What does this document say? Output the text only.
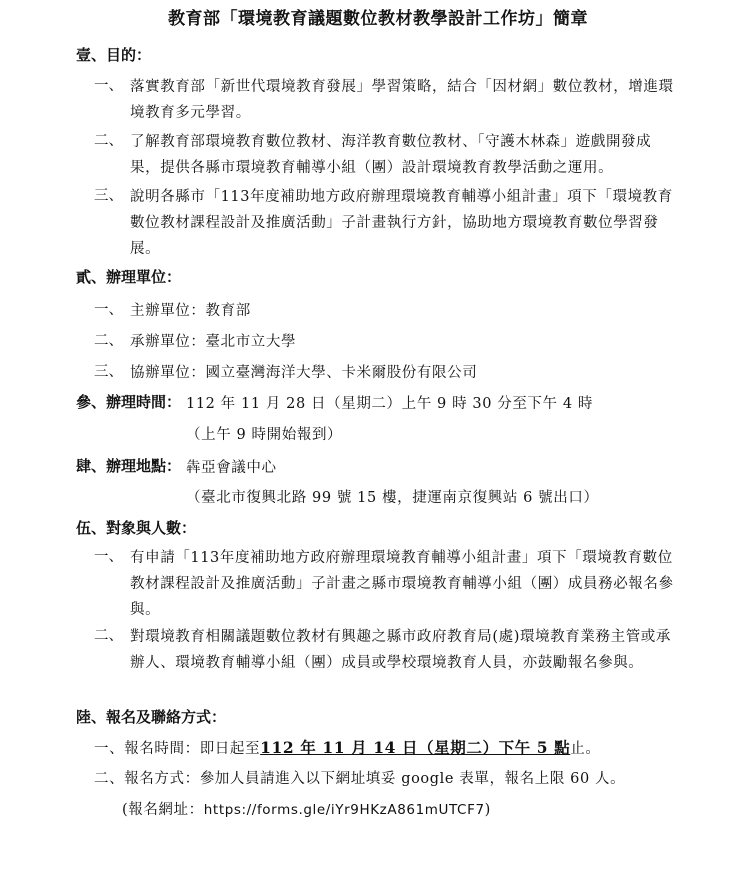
教育部「環境教育議題數位教材教學設計工作坊」簡章
壹、目的：
一、 落實教育部「新世代環境教育發展」學習策略，結合「因材網」數位教材，增進環境教育多元學習。
二、 了解教育部環境教育數位教材、海洋教育數位教材、「守護木林森」遊戲開發成果，提供各縣市環境教育輔導小組（團）設計環境教育教學活動之運用。
三、 說明各縣市「113年度補助地方政府辦理環境教育輔導小組計畫」項下「環境教育數位教材課程設計及推廣活動」子計畫執行方針，協助地方環境教育數位學習發展。
貳、辦理單位：
一、 主辦單位：教育部
二、 承辦單位：臺北市立大學
三、 協辦單位：國立臺灣海洋大學、卡米爾股份有限公司
參、辦理時間： 112 年 11 月 28 日（星期二）上午 9 時 30 分至下午 4 時
（上午 9 時開始報到）
肆、辦理地點： 犇亞會議中心
（臺北市復興北路 99 號 15 樓，捷運南京復興站 6 號出口）
伍、對象與人數：
一、 有申請「113年度補助地方政府辦理環境教育輔導小組計畫」項下「環境教育數位教材課程設計及推廣活動」子計畫之縣市環境教育輔導小組（團）成員務必報名參與。
二、 對環境教育相關議題數位教材有興趣之縣市政府教育局(處)環境教育業務主管或承辦人、環境教育輔導小組（團）成員或學校環境教育人員，亦鼓勵報名參與。
陸、報名及聯絡方式：
一、報名時間：即日起至112 年 11 月 14 日（星期二）下午 5 點止。
二、報名方式：參加人員請進入以下網址填妥 google 表單，報名上限 60 人。
(報名網址：https://forms.gle/iYr9HKzA861mUTCF7)
